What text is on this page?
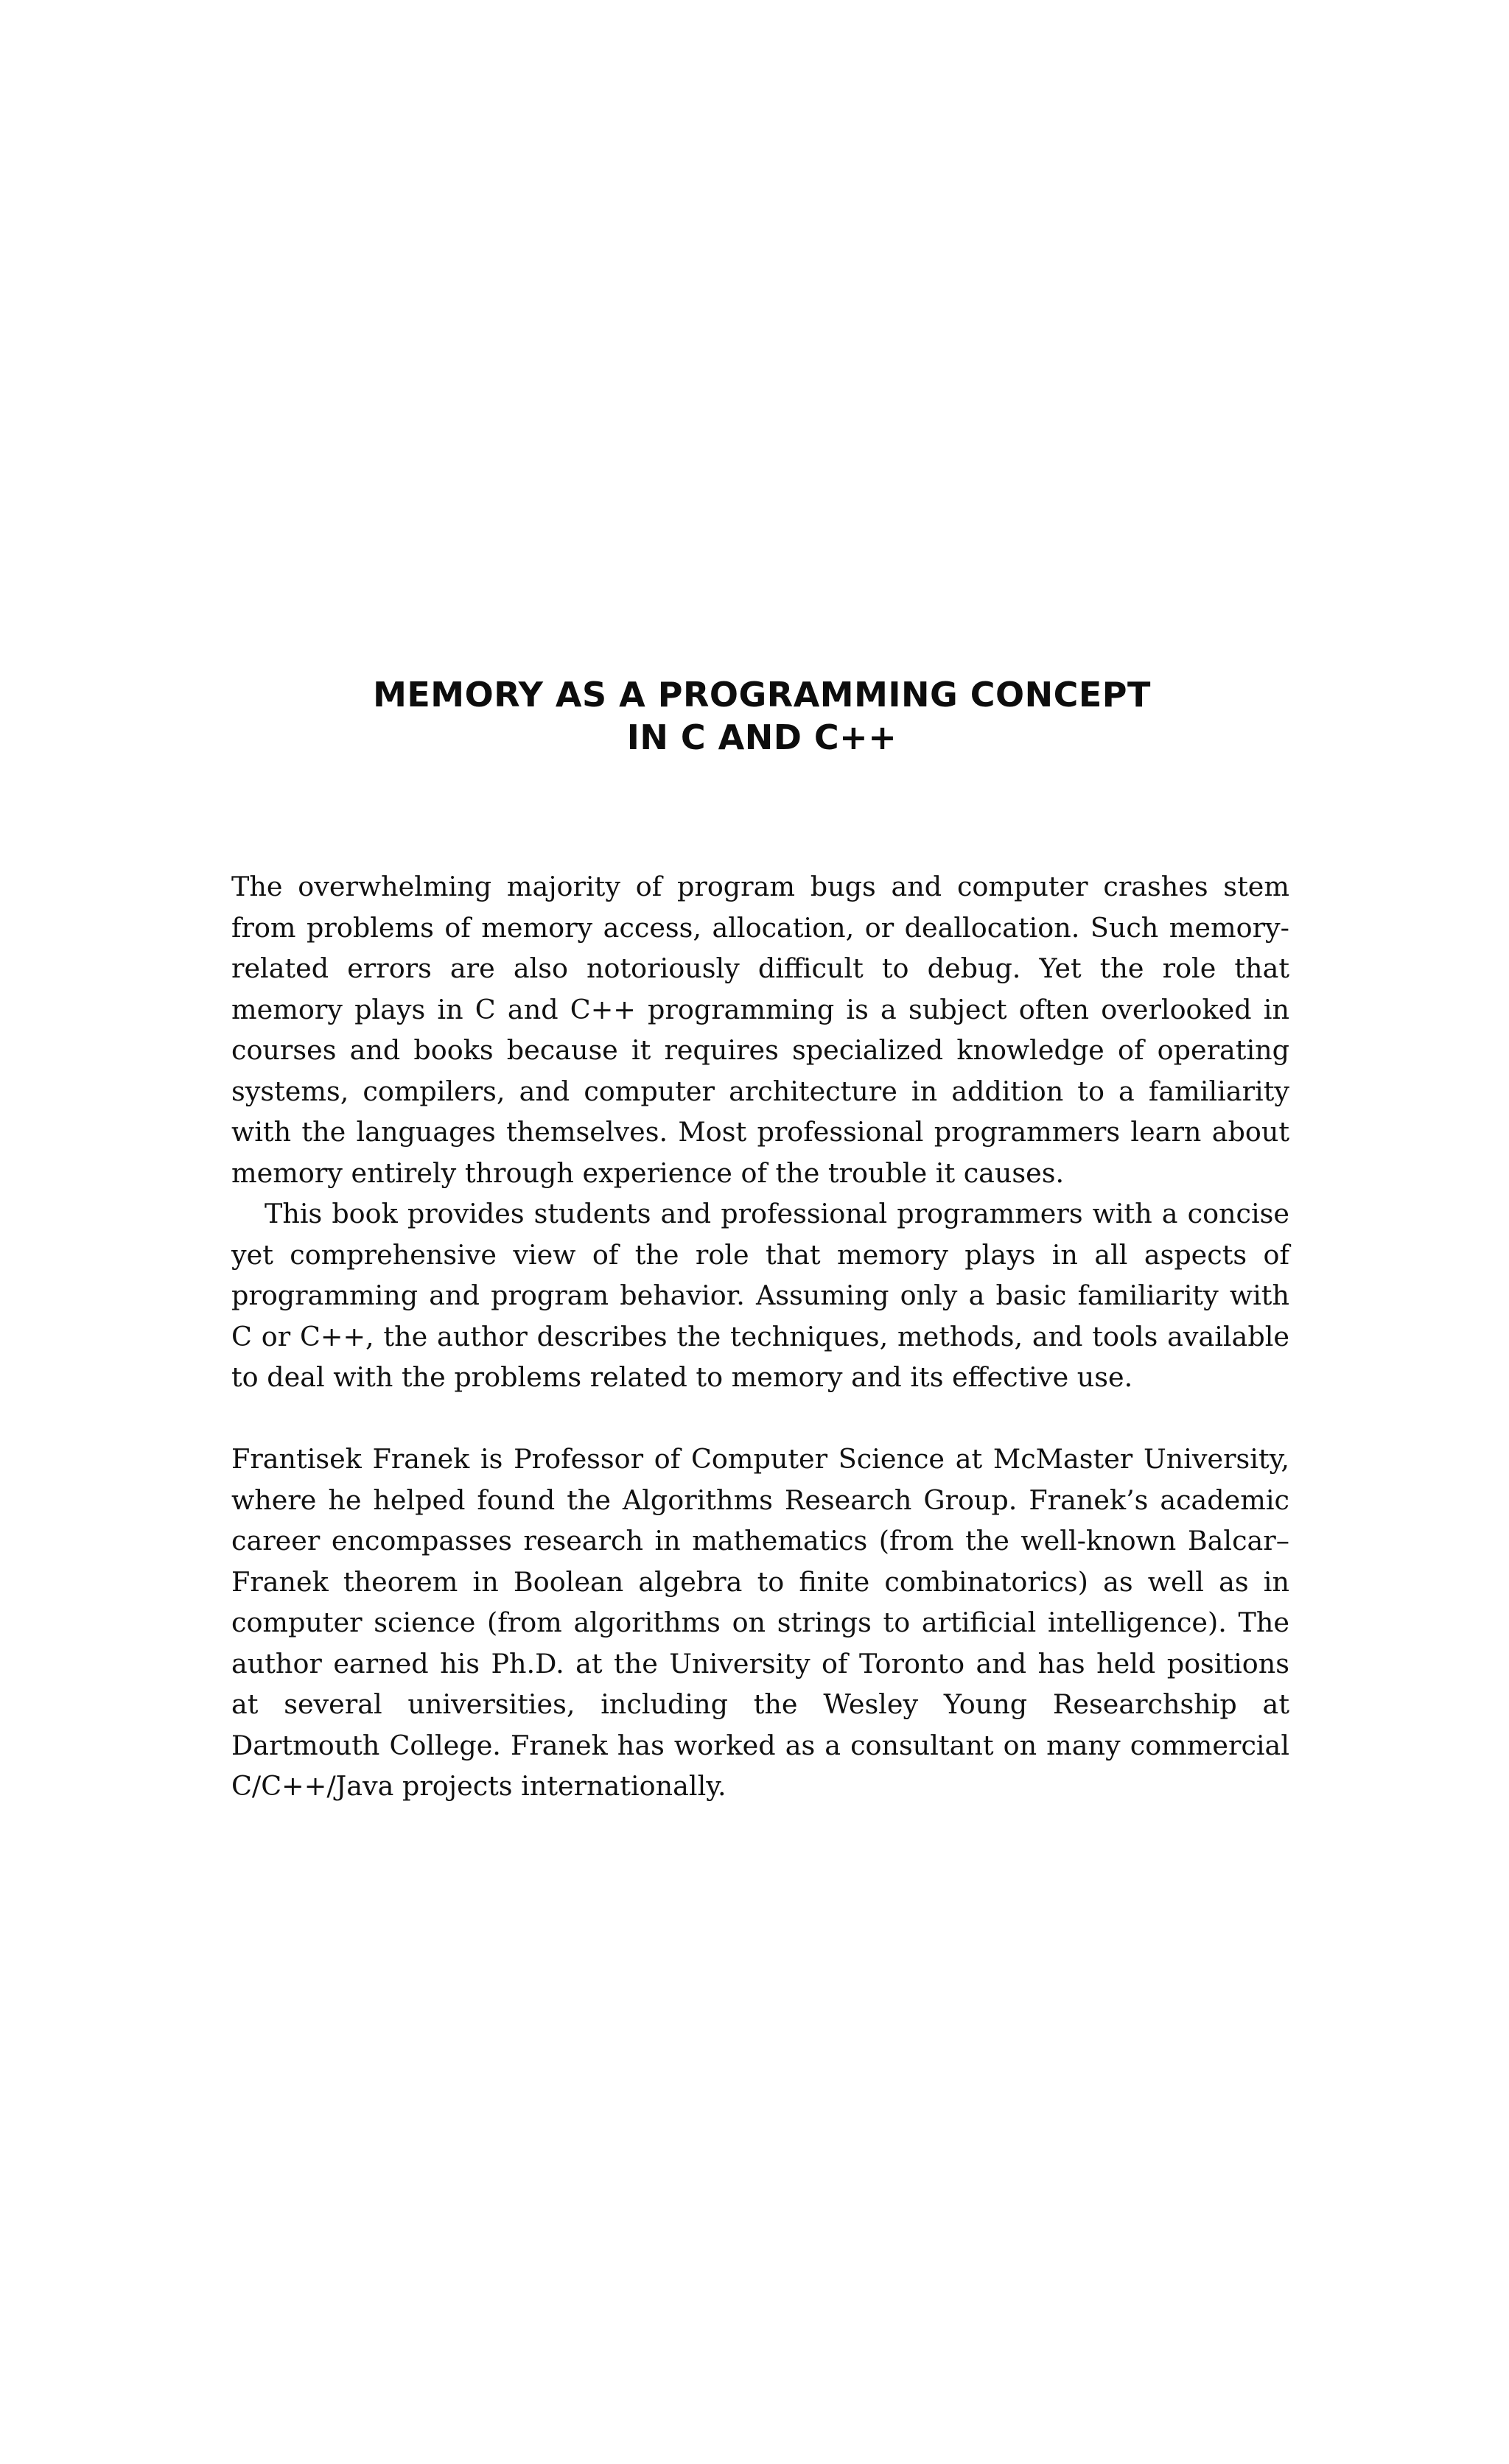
MEMORY AS A PROGRAMMING CONCEPT
IN C AND C++

The overwhelming majority of program bugs and computer crashes stem from problems of memory access, allocation, or deallocation. Such memory-related errors are also notoriously difficult to debug. Yet the role that memory plays in C and C++ programming is a subject often overlooked in courses and books because it requires specialized knowledge of operating systems, compilers, and computer architecture in addition to a familiarity with the languages themselves. Most professional programmers learn about memory entirely through experience of the trouble it causes.

This book provides students and professional programmers with a concise yet comprehensive view of the role that memory plays in all aspects of programming and program behavior. Assuming only a basic familiarity with C or C++, the author describes the techniques, methods, and tools available to deal with the problems related to memory and its effective use.

Frantisek Franek is Professor of Computer Science at McMaster University, where he helped found the Algorithms Research Group. Franek’s academic career encompasses research in mathematics (from the well-known Balcar–Franek theorem in Boolean algebra to finite combinatorics) as well as in computer science (from algorithms on strings to artificial intelligence). The author earned his Ph.D. at the University of Toronto and has held positions at several universities, including the Wesley Young Researchship at Dartmouth College. Franek has worked as a consultant on many commercial C/C++/Java projects internationally.
